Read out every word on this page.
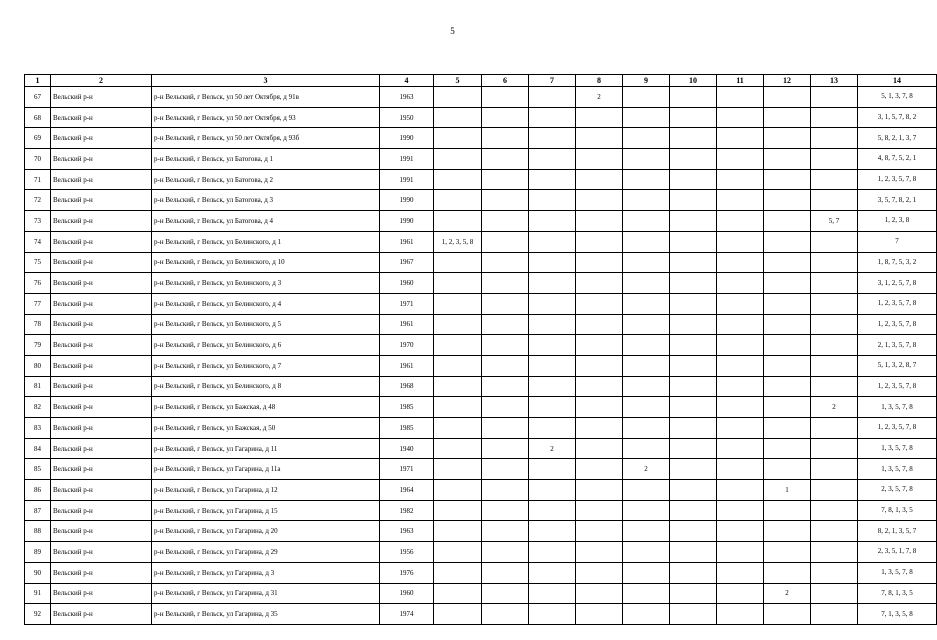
5
1	2	3	4	5	6	7	8	9	10	11	12	13	14
67	Вельский р-н	р-н Вельский, г Вельск, ул 50 лет Октября, д 91в	1963				2						5, 1, 3, 7, 8
68	Вельский р-н	р-н Вельский, г Вельск, ул 50 лет Октября, д 93	1950										3, 1, 5, 7, 8, 2
69	Вельский р-н	р-н Вельский, г Вельск, ул 50 лет Октября, д 93б	1990										5, 8, 2, 1, 3, 7
70	Вельский р-н	р-н Вельский, г Вельск, ул Батогова, д 1	1991										4, 8, 7, 5, 2, 1
71	Вельский р-н	р-н Вельский, г Вельск, ул Батогова, д 2	1991										1, 2, 3, 5, 7, 8
72	Вельский р-н	р-н Вельский, г Вельск, ул Батогова, д 3	1990										3, 5, 7, 8, 2, 1
73	Вельский р-н	р-н Вельский, г Вельск, ул Батогова, д 4	1990									5, 7	1, 2, 3, 8
74	Вельский р-н	р-н Вельский, г Вельск, ул Белинского, д 1	1961	1, 2, 3, 5, 8									7
75	Вельский р-н	р-н Вельский, г Вельск, ул Белинского, д 10	1967										1, 8, 7, 5, 3, 2
76	Вельский р-н	р-н Вельский, г Вельск, ул Белинского, д 3	1960										3, 1, 2, 5, 7, 8
77	Вельский р-н	р-н Вельский, г Вельск, ул Белинского, д 4	1971										1, 2, 3, 5, 7, 8
78	Вельский р-н	р-н Вельский, г Вельск, ул Белинского, д 5	1961										1, 2, 3, 5, 7, 8
79	Вельский р-н	р-н Вельский, г Вельск, ул Белинского, д 6	1970										2, 1, 3, 5, 7, 8
80	Вельский р-н	р-н Вельский, г Вельск, ул Белинского, д 7	1961										5, 1, 3, 2, 8, 7
81	Вельский р-н	р-н Вельский, г Вельск, ул Белинского, д 8	1968										1, 2, 3, 5, 7, 8
82	Вельский р-н	р-н Вельский, г Вельск, ул Бажская, д 48	1985									2	1, 3, 5, 7, 8
83	Вельский р-н	р-н Вельский, г Вельск, ул Бажская, д 50	1985										1, 2, 3, 5, 7, 8
84	Вельский р-н	р-н Вельский, г Вельск, ул Гагарина, д 11	1940			2							1, 3, 5, 7, 8
85	Вельский р-н	р-н Вельский, г Вельск, ул Гагарина, д 11а	1971					2					1, 3, 5, 7, 8
86	Вельский р-н	р-н Вельский, г Вельск, ул Гагарина, д 12	1964								1		2, 3, 5, 7, 8
87	Вельский р-н	р-н Вельский, г Вельск, ул Гагарина, д 15	1982										7, 8, 1, 3, 5
88	Вельский р-н	р-н Вельский, г Вельск, ул Гагарина, д 20	1963										8, 2, 1, 3, 5, 7
89	Вельский р-н	р-н Вельский, г Вельск, ул Гагарина, д 29	1956										2, 3, 5, 1, 7, 8
90	Вельский р-н	р-н Вельский, г Вельск, ул Гагарина, д 3	1976										1, 3, 5, 7, 8
91	Вельский р-н	р-н Вельский, г Вельск, ул Гагарина, д 31	1960								2		7, 8, 1, 3, 5
92	Вельский р-н	р-н Вельский, г Вельск, ул Гагарина, д 35	1974										7, 1, 3, 5, 8
